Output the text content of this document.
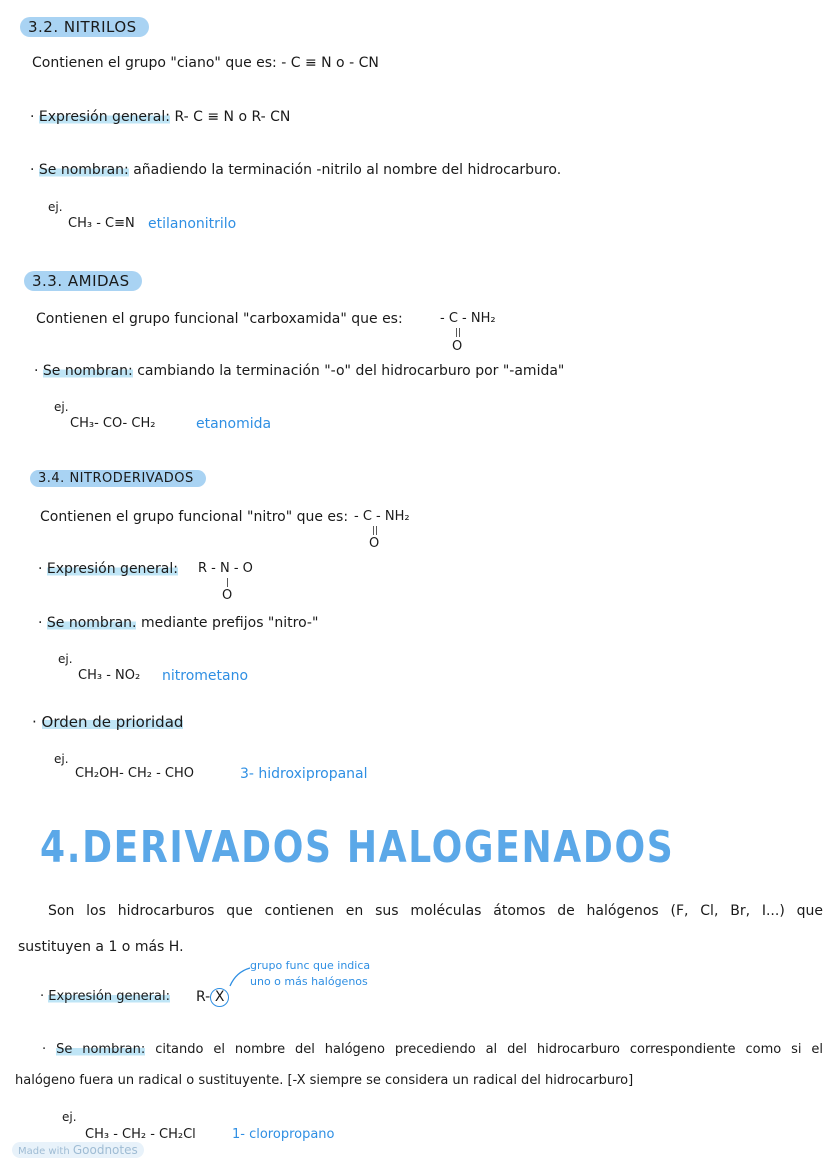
3.2. NITRILOS
Contienen el grupo "ciano" que es: - C ≡ N o - CN
· Expresión general: R- C ≡ N o R- CN
· Se nombran: añadiendo la terminación -nitrilo al nombre del hidrocarburo.
ej.
CH₃ - C≡N etilanonitrilo
3.3. AMIDAS
Contienen el grupo funcional "carboxamida" que es:	- C - NH₂
||
O
· Se nombran: cambiando la terminación "-o" del hidrocarburo por "-amida"
ej.
CH₃- CO- CH₂	etanomida
3.4. NITRODERIVADOS
Contienen el grupo funcional "nitro" que es: - C - NH₂
||
O
· Expresión general: R - N - O
|
O
· Se nombran. mediante prefijos "nitro-"
ej.
CH₃ - NO₂ nitrometano
· Orden de prioridad
ej.
CH₂OH- CH₂ - CHO	3- hidroxipropanal
4.DERIVADOS HALOGENADOS
Son los hidrocarburos que contienen en sus moléculas átomos de halógenos (F, Cl, Br, I...) que
sustituyen a 1 o más H.
grupo func que indica
uno o más halógenos
· Expresión general: R- X
· Se nombran: citando el nombre del halógeno precediendo al del hidrocarburo correspondiente como si el
halógeno fuera un radical o sustituyente. [-X siempre se considera un radical del hidrocarburo]
ej.
CH₃ - CH₂ - CH₂Cl	1- cloropropano
Made with Goodnotes
